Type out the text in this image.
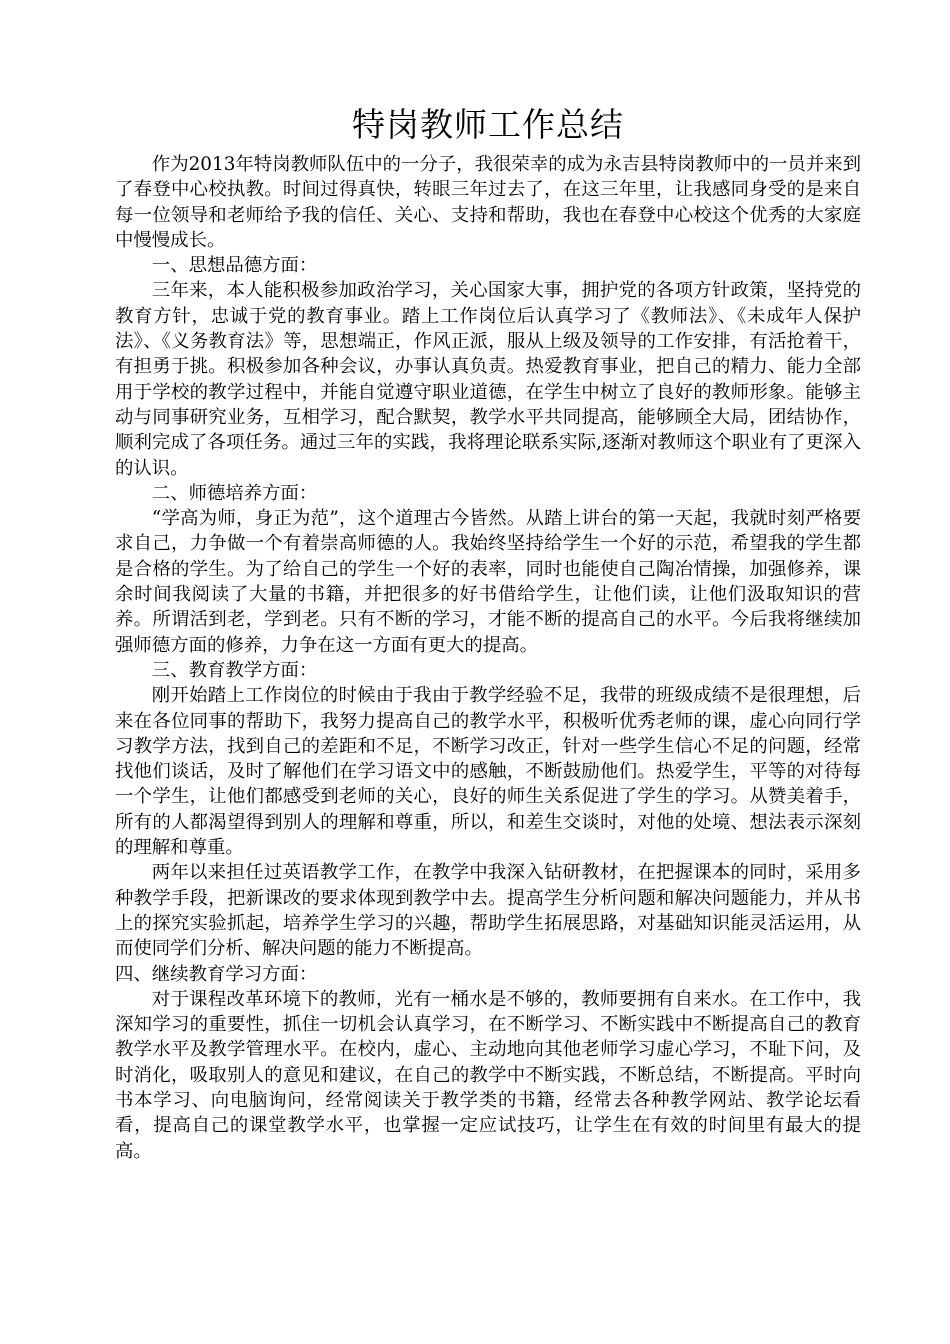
特岗教师工作总结

作为2013年特岗教师队伍中的一分子，我很荣幸的成为永吉县特岗教师中的一员并来到了春登中心校执教。时间过得真快，转眼三年过去了，在这三年里，让我感同身受的是来自每一位领导和老师给予我的信任、关心、支持和帮助，我也在春登中心校这个优秀的大家庭中慢慢成长。

一、思想品德方面：

三年来，本人能积极参加政治学习，关心国家大事，拥护党的各项方针政策，坚持党的教育方针，忠诚于党的教育事业。踏上工作岗位后认真学习了《教师法》、《未成年人保护法》、《义务教育法》等，思想端正，作风正派，服从上级及领导的工作安排，有活抢着干，有担勇于挑。积极参加各种会议，办事认真负责。热爱教育事业，把自己的精力、能力全部用于学校的教学过程中，并能自觉遵守职业道德，在学生中树立了良好的教师形象。能够主动与同事研究业务，互相学习，配合默契，教学水平共同提高，能够顾全大局，团结协作，顺利完成了各项任务。通过三年的实践，我将理论联系实际,逐渐对教师这个职业有了更深入的认识。

二、师德培养方面：

“学高为师，身正为范”，这个道理古今皆然。从踏上讲台的第一天起，我就时刻严格要求自己，力争做一个有着崇高师德的人。我始终坚持给学生一个好的示范，希望我的学生都是合格的学生。为了给自己的学生一个好的表率，同时也能使自己陶冶情操，加强修养，课余时间我阅读了大量的书籍，并把很多的好书借给学生，让他们读，让他们汲取知识的营养。所谓活到老，学到老。只有不断的学习，才能不断的提高自己的水平。今后我将继续加强师德方面的修养，力争在这一方面有更大的提高。

三、教育教学方面：

刚开始踏上工作岗位的时候由于我由于教学经验不足，我带的班级成绩不是很理想，后来在各位同事的帮助下，我努力提高自己的教学水平，积极听优秀老师的课，虚心向同行学习教学方法，找到自己的差距和不足，不断学习改正，针对一些学生信心不足的问题，经常找他们谈话，及时了解他们在学习语文中的感触，不断鼓励他们。热爱学生，平等的对待每一个学生，让他们都感受到老师的关心，良好的师生关系促进了学生的学习。从赞美着手，所有的人都渴望得到别人的理解和尊重，所以，和差生交谈时，对他的处境、想法表示深刻的理解和尊重。

两年以来担任过英语教学工作，在教学中我深入钻研教材，在把握课本的同时，采用多种教学手段，把新课改的要求体现到教学中去。提高学生分析问题和解决问题能力，并从书上的探究实验抓起，培养学生学习的兴趣，帮助学生拓展思路，对基础知识能灵活运用，从而使同学们分析、解决问题的能力不断提高。

四、继续教育学习方面：

对于课程改革环境下的教师，光有一桶水是不够的，教师要拥有自来水。在工作中，我深知学习的重要性，抓住一切机会认真学习，在不断学习、不断实践中不断提高自己的教育教学水平及教学管理水平。在校内，虚心、主动地向其他老师学习虚心学习，不耻下问，及时消化，吸取别人的意见和建议，在自己的教学中不断实践，不断总结，不断提高。平时向书本学习、向电脑询问，经常阅读关于教学类的书籍，经常去各种教学网站、教学论坛看看，提高自己的课堂教学水平，也掌握一定应试技巧，让学生在有效的时间里有最大的提高。
